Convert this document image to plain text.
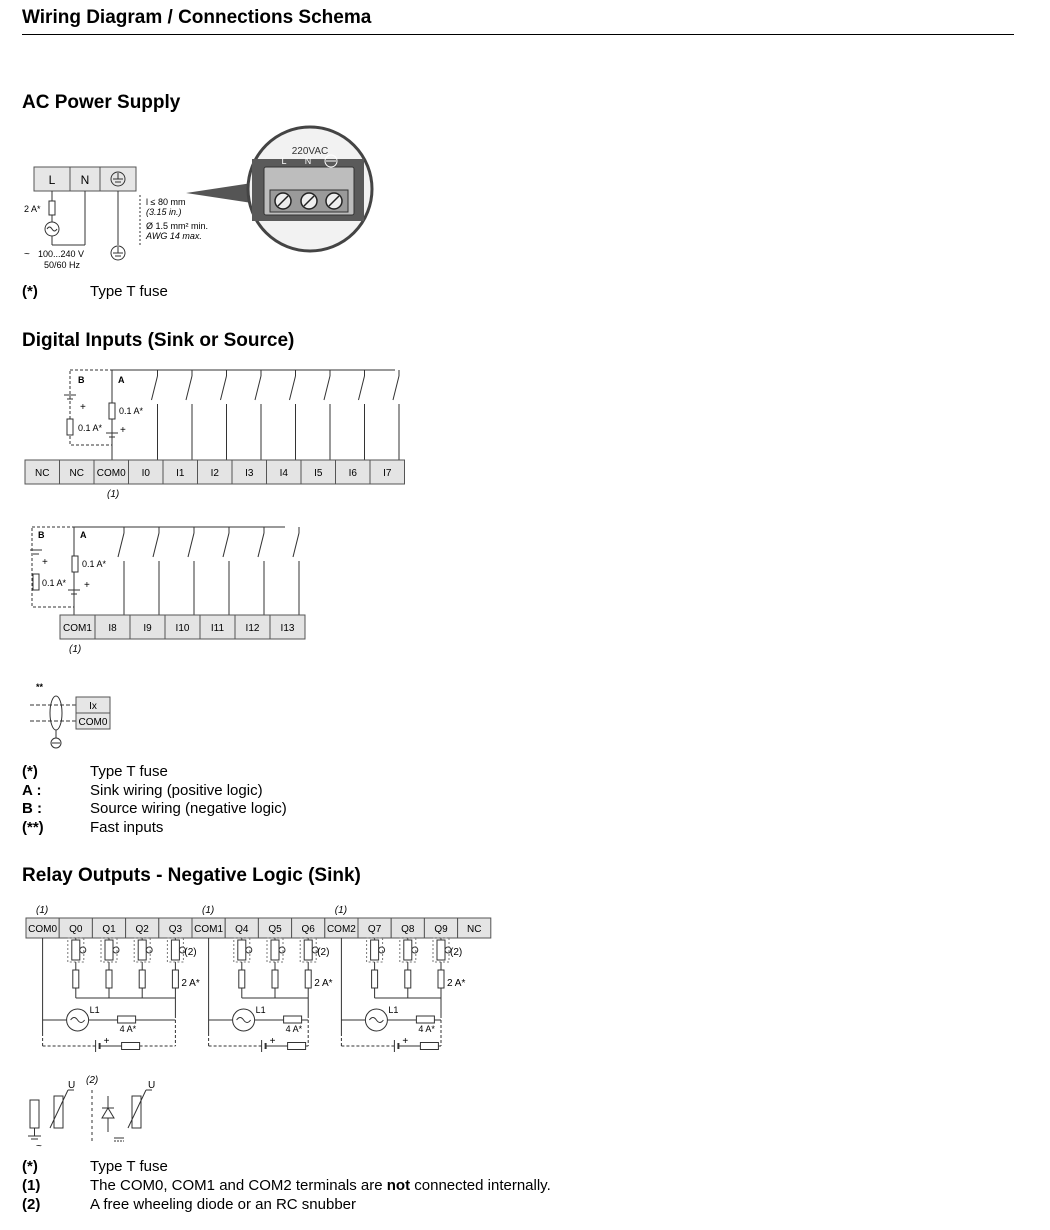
Wiring Diagram / Connections Schema
AC Power Supply
L N
2 A*
100...240 V
~
50/60 Hz
l ≤ 80 mm
(3.15 in.)
Ø 1.5 mm² min.
AWG 14 max.
220VAC
L N
(*)	Type T fuse
Digital Inputs (Sink or Source)
B	A
+
0.1 A*
0.1 A*
+
NC NC COM0 I0	I1	I2	I3	I4	I5	I6	I7
(1)
B	A
+
0.1 A*
0.1 A*
+
COM1 I8	I9 I10 I11 I12 I13
(1)
**
Ix
COM0
(*)	Type T fuse
A :	Sink wiring (positive logic)
B :	Source wiring (negative logic)
(**)	Fast inputs
Relay Outputs - Negative Logic (Sink)
(1)	(1)	(1)
COM0 Q0 Q1 Q2 Q3 COM1 Q4 Q5 Q6 COM2 Q7 Q8 Q9 NC
(2)
2 A*
L1
4 A*
+
(2)
2 A*
L1
4 A*
+
(2)
2 A*
L1
4 A*
+
(2)
~
U	U
(*)	Type T fuse
(1)	The COM0, COM1 and COM2 terminals are not connected internally.
(2)	A free wheeling diode or an RC snubber
